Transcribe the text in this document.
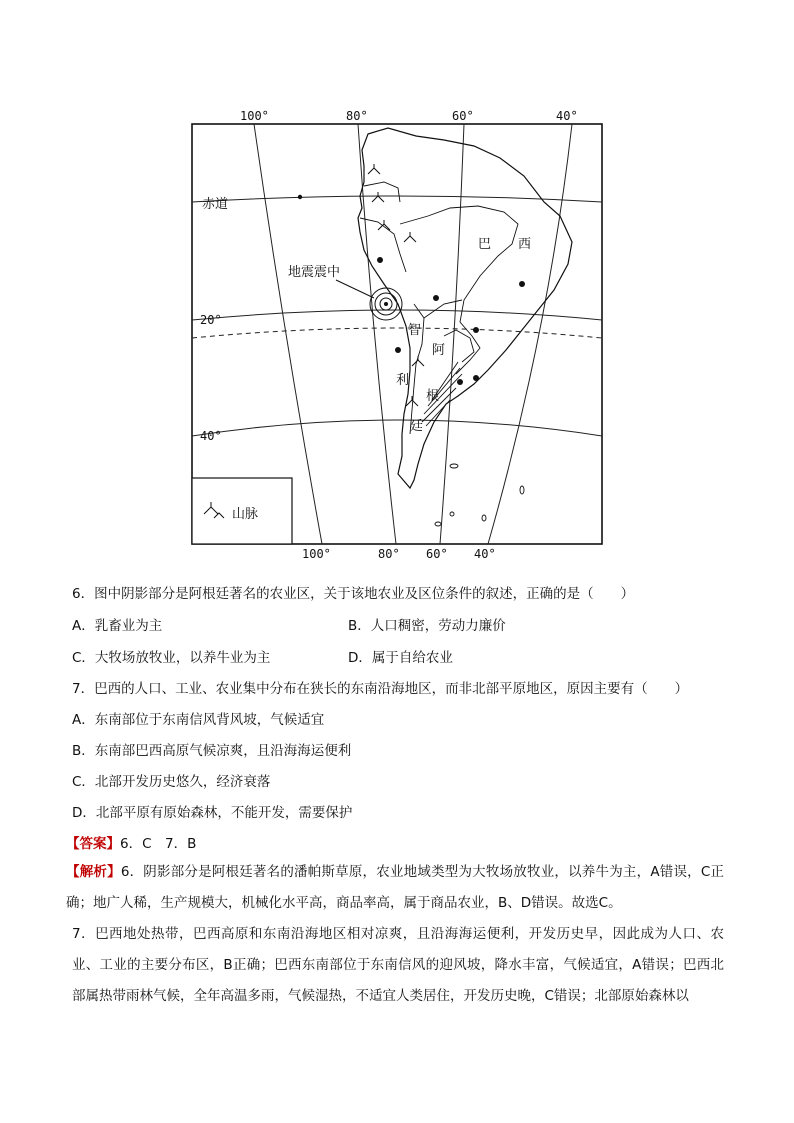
100°	80°	60°	40°
赤道
20°
40°
地震震中
巴 西
智
利
阿
根
廷
山脉
100°	80° 60° 40°
6．图中阴影部分是阿根廷著名的农业区，关于该地农业及区位条件的叙述，正确的是（　　）
A．乳畜业为主	B．人口稠密，劳动力廉价
C．大牧场放牧业，以养牛业为主	D．属于自给农业
7．巴西的人口、工业、农业集中分布在狭长的东南沿海地区，而非北部平原地区，原因主要有（　　）
A．东南部位于东南信风背风坡，气候适宜
B．东南部巴西高原气候凉爽，且沿海海运便利
C．北部开发历史悠久，经济衰落
D．北部平原有原始森林，不能开发，需要保护
【答案】6．C　7．B
【解析】6．阴影部分是阿根廷著名的潘帕斯草原，农业地域类型为大牧场放牧业，以养牛为主，A错误，C正确；地广人稀，生产规模大，机械化水平高，商品率高，属于商品农业，B、D错误。故选C。
7．巴西地处热带，巴西高原和东南沿海地区相对凉爽，且沿海海运便利，开发历史早，因此成为人口、农业、工业的主要分布区，B正确；巴西东南部位于东南信风的迎风坡，降水丰富，气候适宜，A错误；巴西北部属热带雨林气候，全年高温多雨，气候湿热，不适宜人类居住，开发历史晚，C错误；北部原始森林以
